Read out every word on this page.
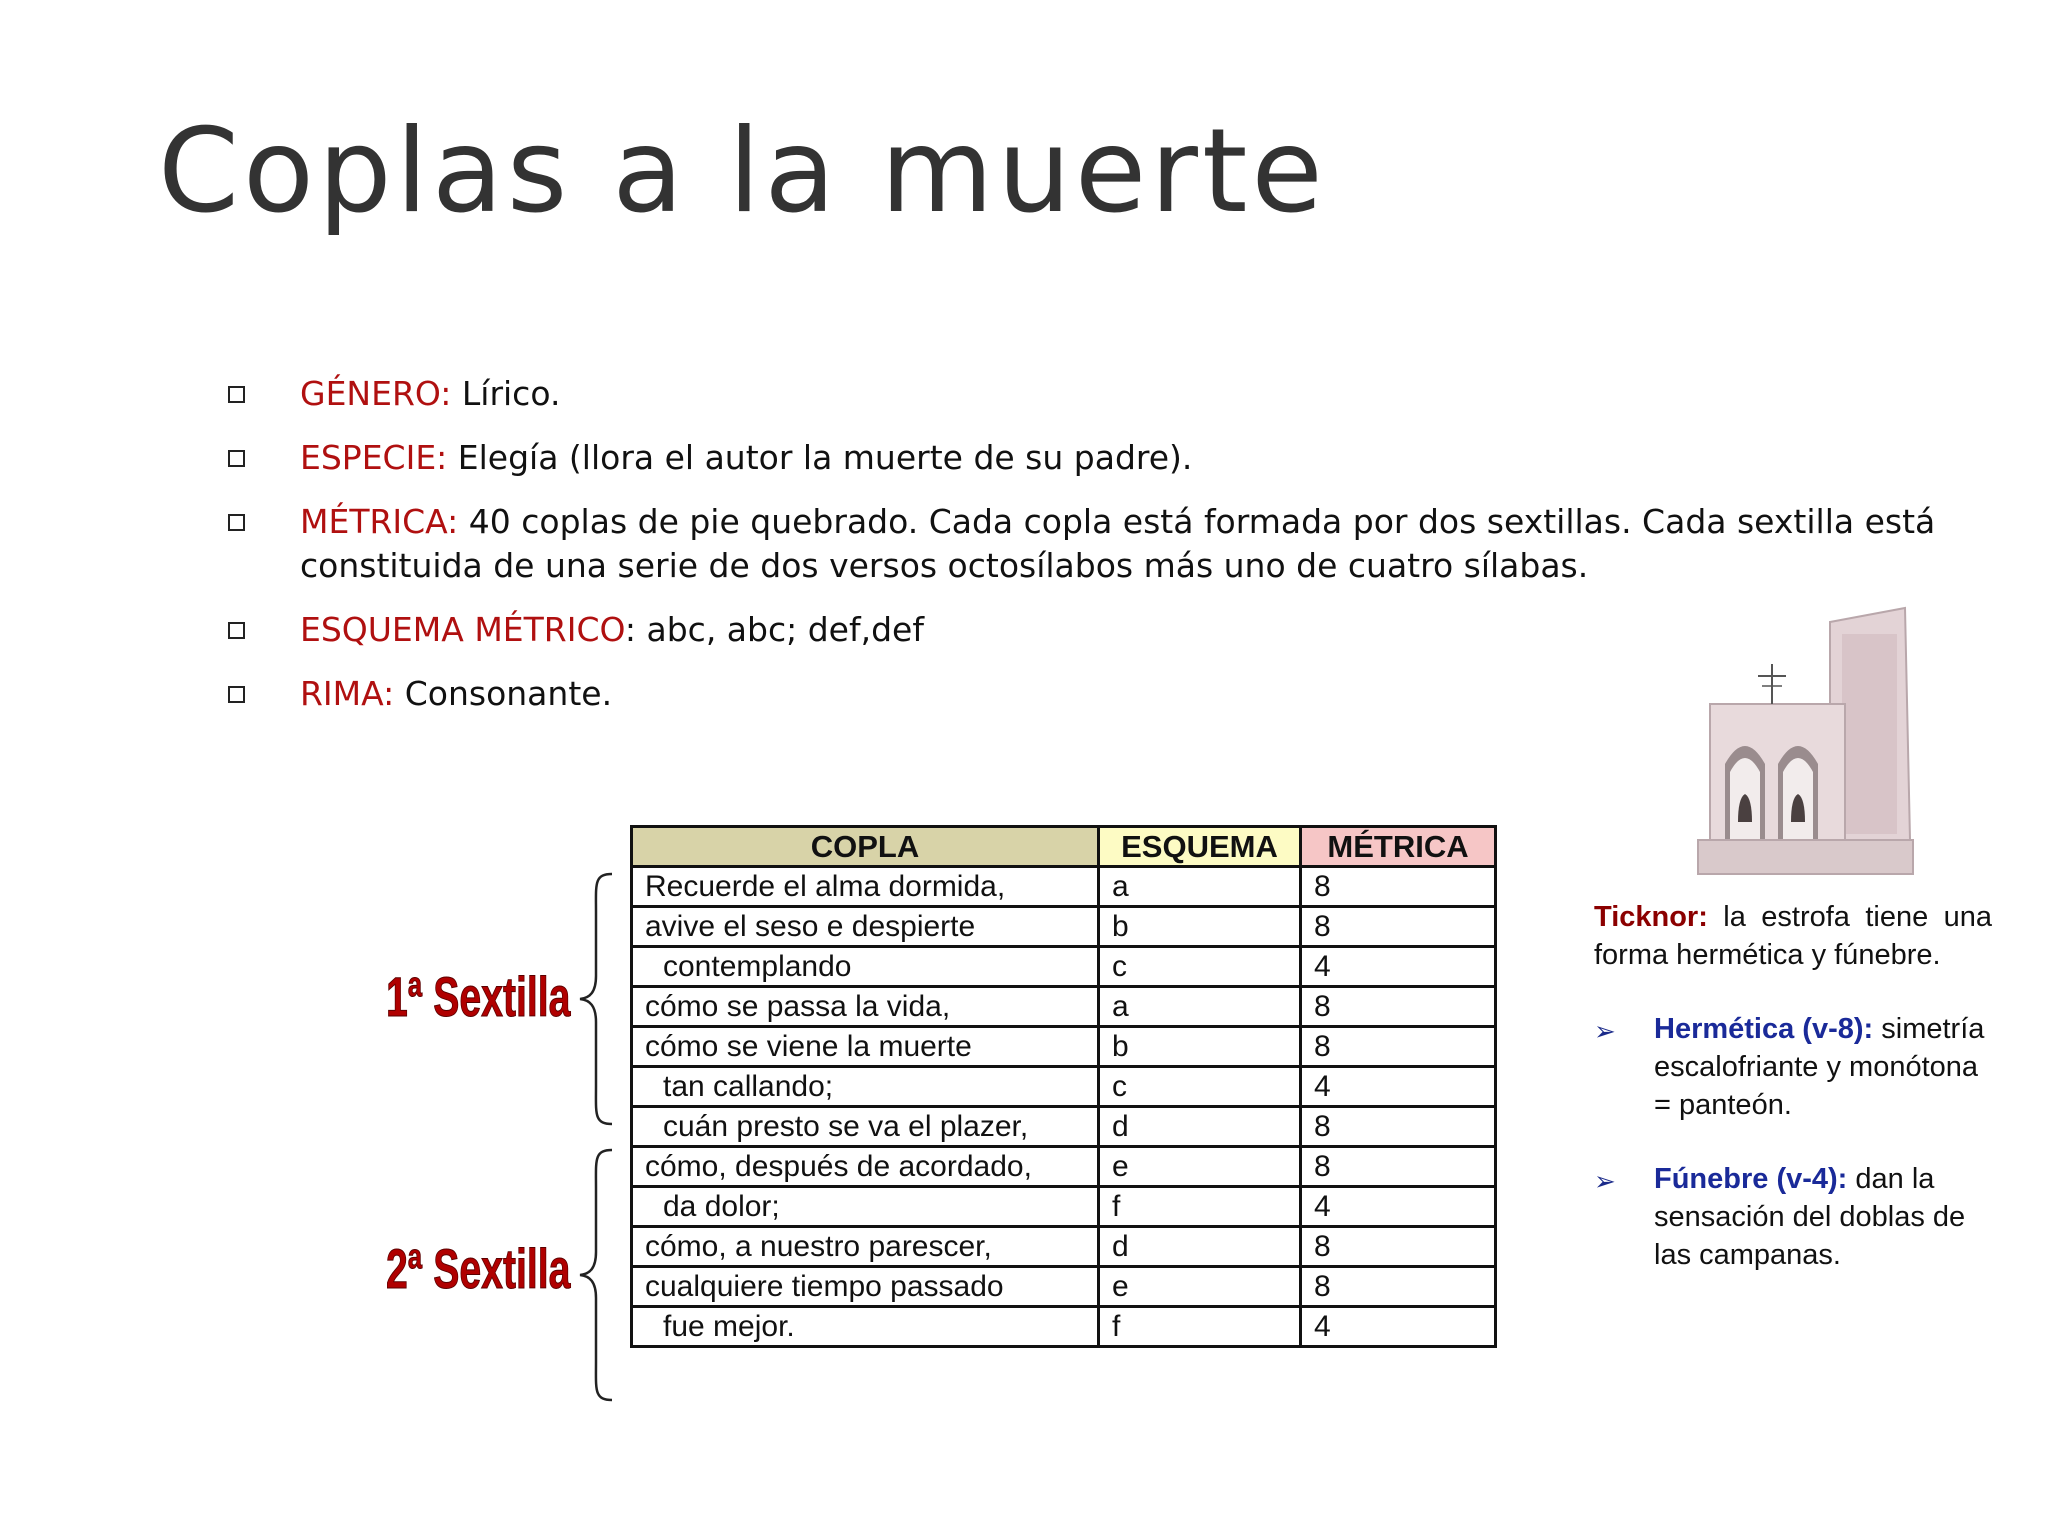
Coplas a la muerte
GÉNERO: Lírico.
ESPECIE: Elegía (llora el autor la muerte de su padre).
MÉTRICA: 40 coplas de pie quebrado. Cada copla está formada por dos sextillas. Cada sextilla está constituida de una serie de dos versos octosílabos más uno de cuatro sílabas.
ESQUEMA MÉTRICO: abc, abc; def,def
RIMA: Consonante.
1ª Sextilla
2ª Sextilla
COPLA	ESQUEMA	MÉTRICA
Recuerde el alma dormida,	a	8
avive el seso e despierte	b	8
contemplando	c	4
cómo se passa la vida,	a	8
cómo se viene la muerte	b	8
tan callando;	c	4
cuán presto se va el plazer,	d	8
cómo, después de acordado,	e	8
da dolor;	f	4
cómo, a nuestro parescer,	d	8
cualquiere tiempo passado	e	8
fue mejor.	f	4

Ticknor: la estrofa tiene una forma hermética y fúnebre.

➢ Hermética (v-8): simetría escalofriante y monótona = panteón.
➢ Fúnebre (v-4): dan la sensación del doblas de las campanas.
